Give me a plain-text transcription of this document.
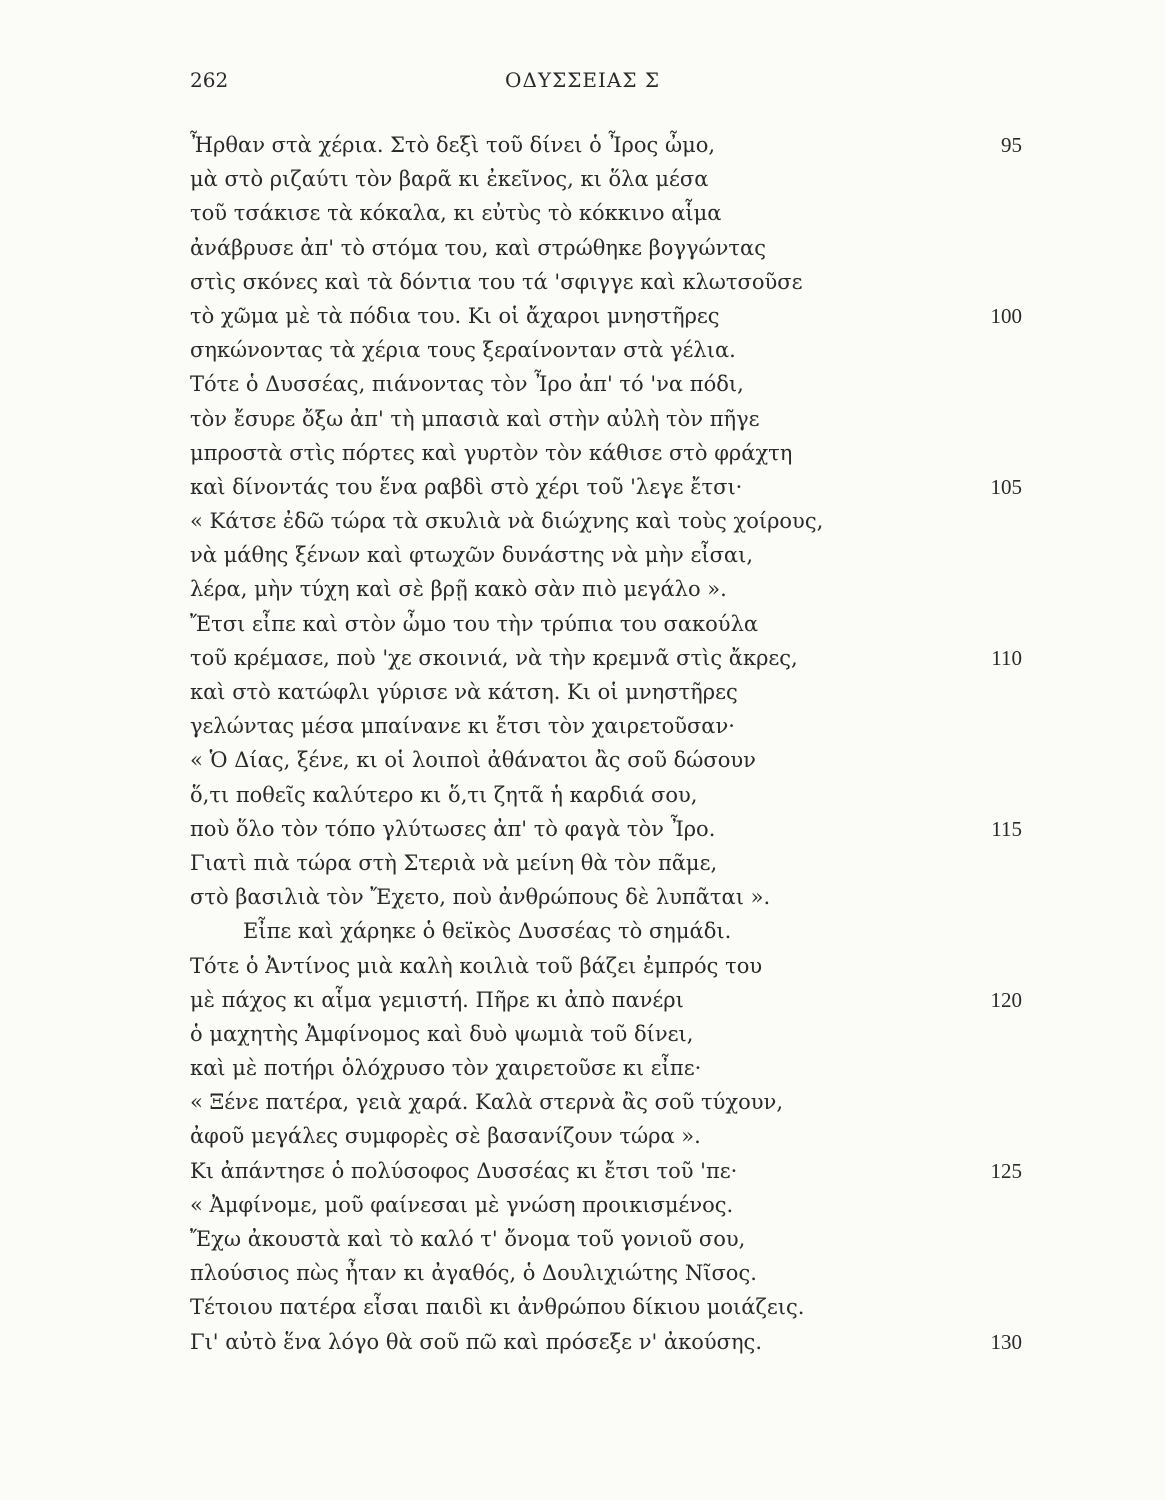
262	ΟΔΥΣΣΕΙΑΣ Σ
Ἦρθαν στὰ χέρια. Στὸ δεξὶ τοῦ δίνει ὁ Ἶρος ὦμο,	95
μὰ στὸ ριζαύτι τὸν βαρᾶ κι ἐκεῖνος, κι ὅλα μέσα
τοῦ τσάκισε τὰ κόκαλα, κι εὐτὺς τὸ κόκκινο αἷμα
ἀνάβρυσε ἀπ' τὸ στόμα του, καὶ στρώθηκε βογγώντας
στὶς σκόνες καὶ τὰ δόντια του τά 'σφιγγε καὶ κλωτσοῦσε
τὸ χῶμα μὲ τὰ πόδια του. Κι οἱ ἄχαροι μνηστῆρες	100
σηκώνοντας τὰ χέρια τους ξεραίνονταν στὰ γέλια.
Τότε ὁ Δυσσέας, πιάνοντας τὸν Ἶρο ἀπ' τό 'να πόδι,
τὸν ἔσυρε ὄξω ἀπ' τὴ μπασιὰ καὶ στὴν αὐλὴ τὸν πῆγε
μπροστὰ στὶς πόρτες καὶ γυρτὸν τὸν κάθισε στὸ φράχτη
καὶ δίνοντάς του ἕνα ραβδὶ στὸ χέρι τοῦ 'λεγε ἔτσι·	105
« Κάτσε ἐδῶ τώρα τὰ σκυλιὰ νὰ διώχνης καὶ τοὺς χοίρους,
νὰ μάθης ξένων καὶ φτωχῶν δυνάστης νὰ μὴν εἶσαι,
λέρα, μὴν τύχη καὶ σὲ βρῇ κακὸ σὰν πιὸ μεγάλο ».
Ἔτσι εἶπε καὶ στὸν ὦμο του τὴν τρύπια του σακούλα
τοῦ κρέμασε, ποὺ 'χε σκοινιά, νὰ τὴν κρεμνᾶ στὶς ἄκρες,	110
καὶ στὸ κατώφλι γύρισε νὰ κάτση. Κι οἱ μνηστῆρες
γελώντας μέσα μπαίνανε κι ἔτσι τὸν χαιρετοῦσαν·
« Ὁ Δίας, ξένε, κι οἱ λοιποὶ ἀθάνατοι ἂς σοῦ δώσουν
ὅ,τι ποθεῖς καλύτερο κι ὅ,τι ζητᾶ ἡ καρδιά σου,
ποὺ ὅλο τὸν τόπο γλύτωσες ἀπ' τὸ φαγὰ τὸν Ἶρο.	115
Γιατὶ πιὰ τώρα στὴ Στεριὰ νὰ μείνη θὰ τὸν πᾶμε,
στὸ βασιλιὰ τὸν Ἔχετο, ποὺ ἀνθρώπους δὲ λυπᾶται ».
Εἶπε καὶ χάρηκε ὁ θεϊκὸς Δυσσέας τὸ σημάδι.
Τότε ὁ Ἀντίνος μιὰ καλὴ κοιλιὰ τοῦ βάζει ἐμπρός του
μὲ πάχος κι αἷμα γεμιστή. Πῆρε κι ἀπὸ πανέρι	120
ὁ μαχητὴς Ἀμφίνομος καὶ δυὸ ψωμιὰ τοῦ δίνει,
καὶ μὲ ποτήρι ὁλόχρυσο τὸν χαιρετοῦσε κι εἶπε·
« Ξένε πατέρα, γειὰ χαρά. Καλὰ στερνὰ ἂς σοῦ τύχουν,
ἀφοῦ μεγάλες συμφορὲς σὲ βασανίζουν τώρα ».
Κι ἀπάντησε ὁ πολύσοφος Δυσσέας κι ἔτσι τοῦ 'πε·	125
« Ἀμφίνομε, μοῦ φαίνεσαι μὲ γνώση προικισμένος.
Ἔχω ἀκουστὰ καὶ τὸ καλό τ' ὄνομα τοῦ γονιοῦ σου,
πλούσιος πὼς ἦταν κι ἀγαθός, ὁ Δουλιχιώτης Νῖσος.
Τέτοιου πατέρα εἶσαι παιδὶ κι ἀνθρώπου δίκιου μοιάζεις.
Γι' αὐτὸ ἕνα λόγο θὰ σοῦ πῶ καὶ πρόσεξε ν' ἀκούσης.	130
